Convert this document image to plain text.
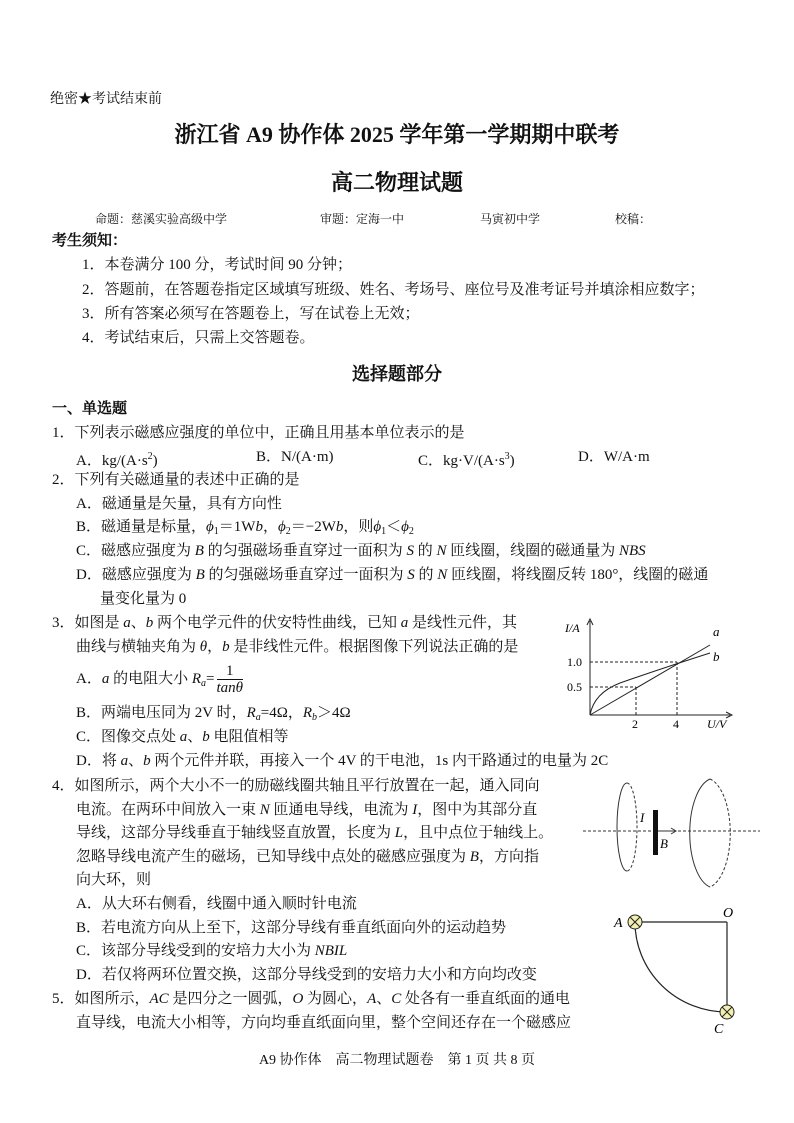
绝密★考试结束前
浙江省 A9 协作体 2025 学年第一学期期中联考
高二物理试题
命题：慈溪实验高级中学	审题：定海一中	马寅初中学	校稿：
考生须知：
1．本卷满分 100 分，考试时间 90 分钟；
2．答题前，在答题卷指定区域填写班级、姓名、考场号、座位号及准考证号并填涂相应数字；
3．所有答案必须写在答题卷上，写在试卷上无效；
4．考试结束后，只需上交答题卷。
选择题部分
一、单选题
1．下列表示磁感应强度的单位中，正确且用基本单位表示的是
A．$kg/(A\cdot s^2)$	B．N/(A·m)	C．$kg\cdot V/(A\cdot s^3)$	D．W/A·m
2．下列有关磁通量的表述中正确的是
A．磁通量是矢量，具有方向性
B．磁通量是标量，$\phi_1=1Wb$，$\phi_2=-2Wb$，则$\phi_1<\phi_2$
C．磁感应强度为 B 的匀强磁场垂直穿过一面积为 S 的 N 匝线圈，线圈的磁通量为 NBS
D．磁感应强度为 B 的匀强磁场垂直穿过一面积为 S 的 N 匝线圈，将线圈反转 180°，线圈的磁通
量变化量为 0
3．如图是 a、b 两个电学元件的伏安特性曲线，已知 a 是线性元件，其
曲线与横轴夹角为 θ，b 是非线性元件。根据图像下列说法正确的是
A．a 的电阻大小 $R_a= \frac{1}{\tan\theta}$
B．两端电压同为 2V 时，$R_a=4\Omega$，$R_b>4\Omega$
C．图像交点处 a、b 电阻值相等
D．将 a、b 两个元件并联，再接入一个 4V 的干电池，1s 内干路通过的电量为 2C
I/A
1.0
0.5
2	4 U/V
a
b
4．如图所示，两个大小不一的励磁线圈共轴且平行放置在一起，通入同向
电流。在两环中间放入一束 N 匝通电导线，电流为 I，图中为其部分直
导线，这部分导线垂直于轴线竖直放置，长度为 L，且中点位于轴线上。
忽略导线电流产生的磁场，已知导线中点处的磁感应强度为 B，方向指
向大环，则
A．从大环右侧看，线圈中通入顺时针电流
B．若电流方向从上至下，这部分导线有垂直纸面向外的运动趋势
C．该部分导线受到的安培力大小为 NBIL
D．若仅将两环位置交换，这部分导线受到的安培力大小和方向均改变
I
B
5．如图所示，AC 是四分之一圆弧，O 为圆心，A、C 处各有一垂直纸面的通电
直导线，电流大小相等，方向均垂直纸面向里，整个空间还存在一个磁感应
A
O
C
A9 协作体　高二物理试题卷　第 1 页 共 8 页
